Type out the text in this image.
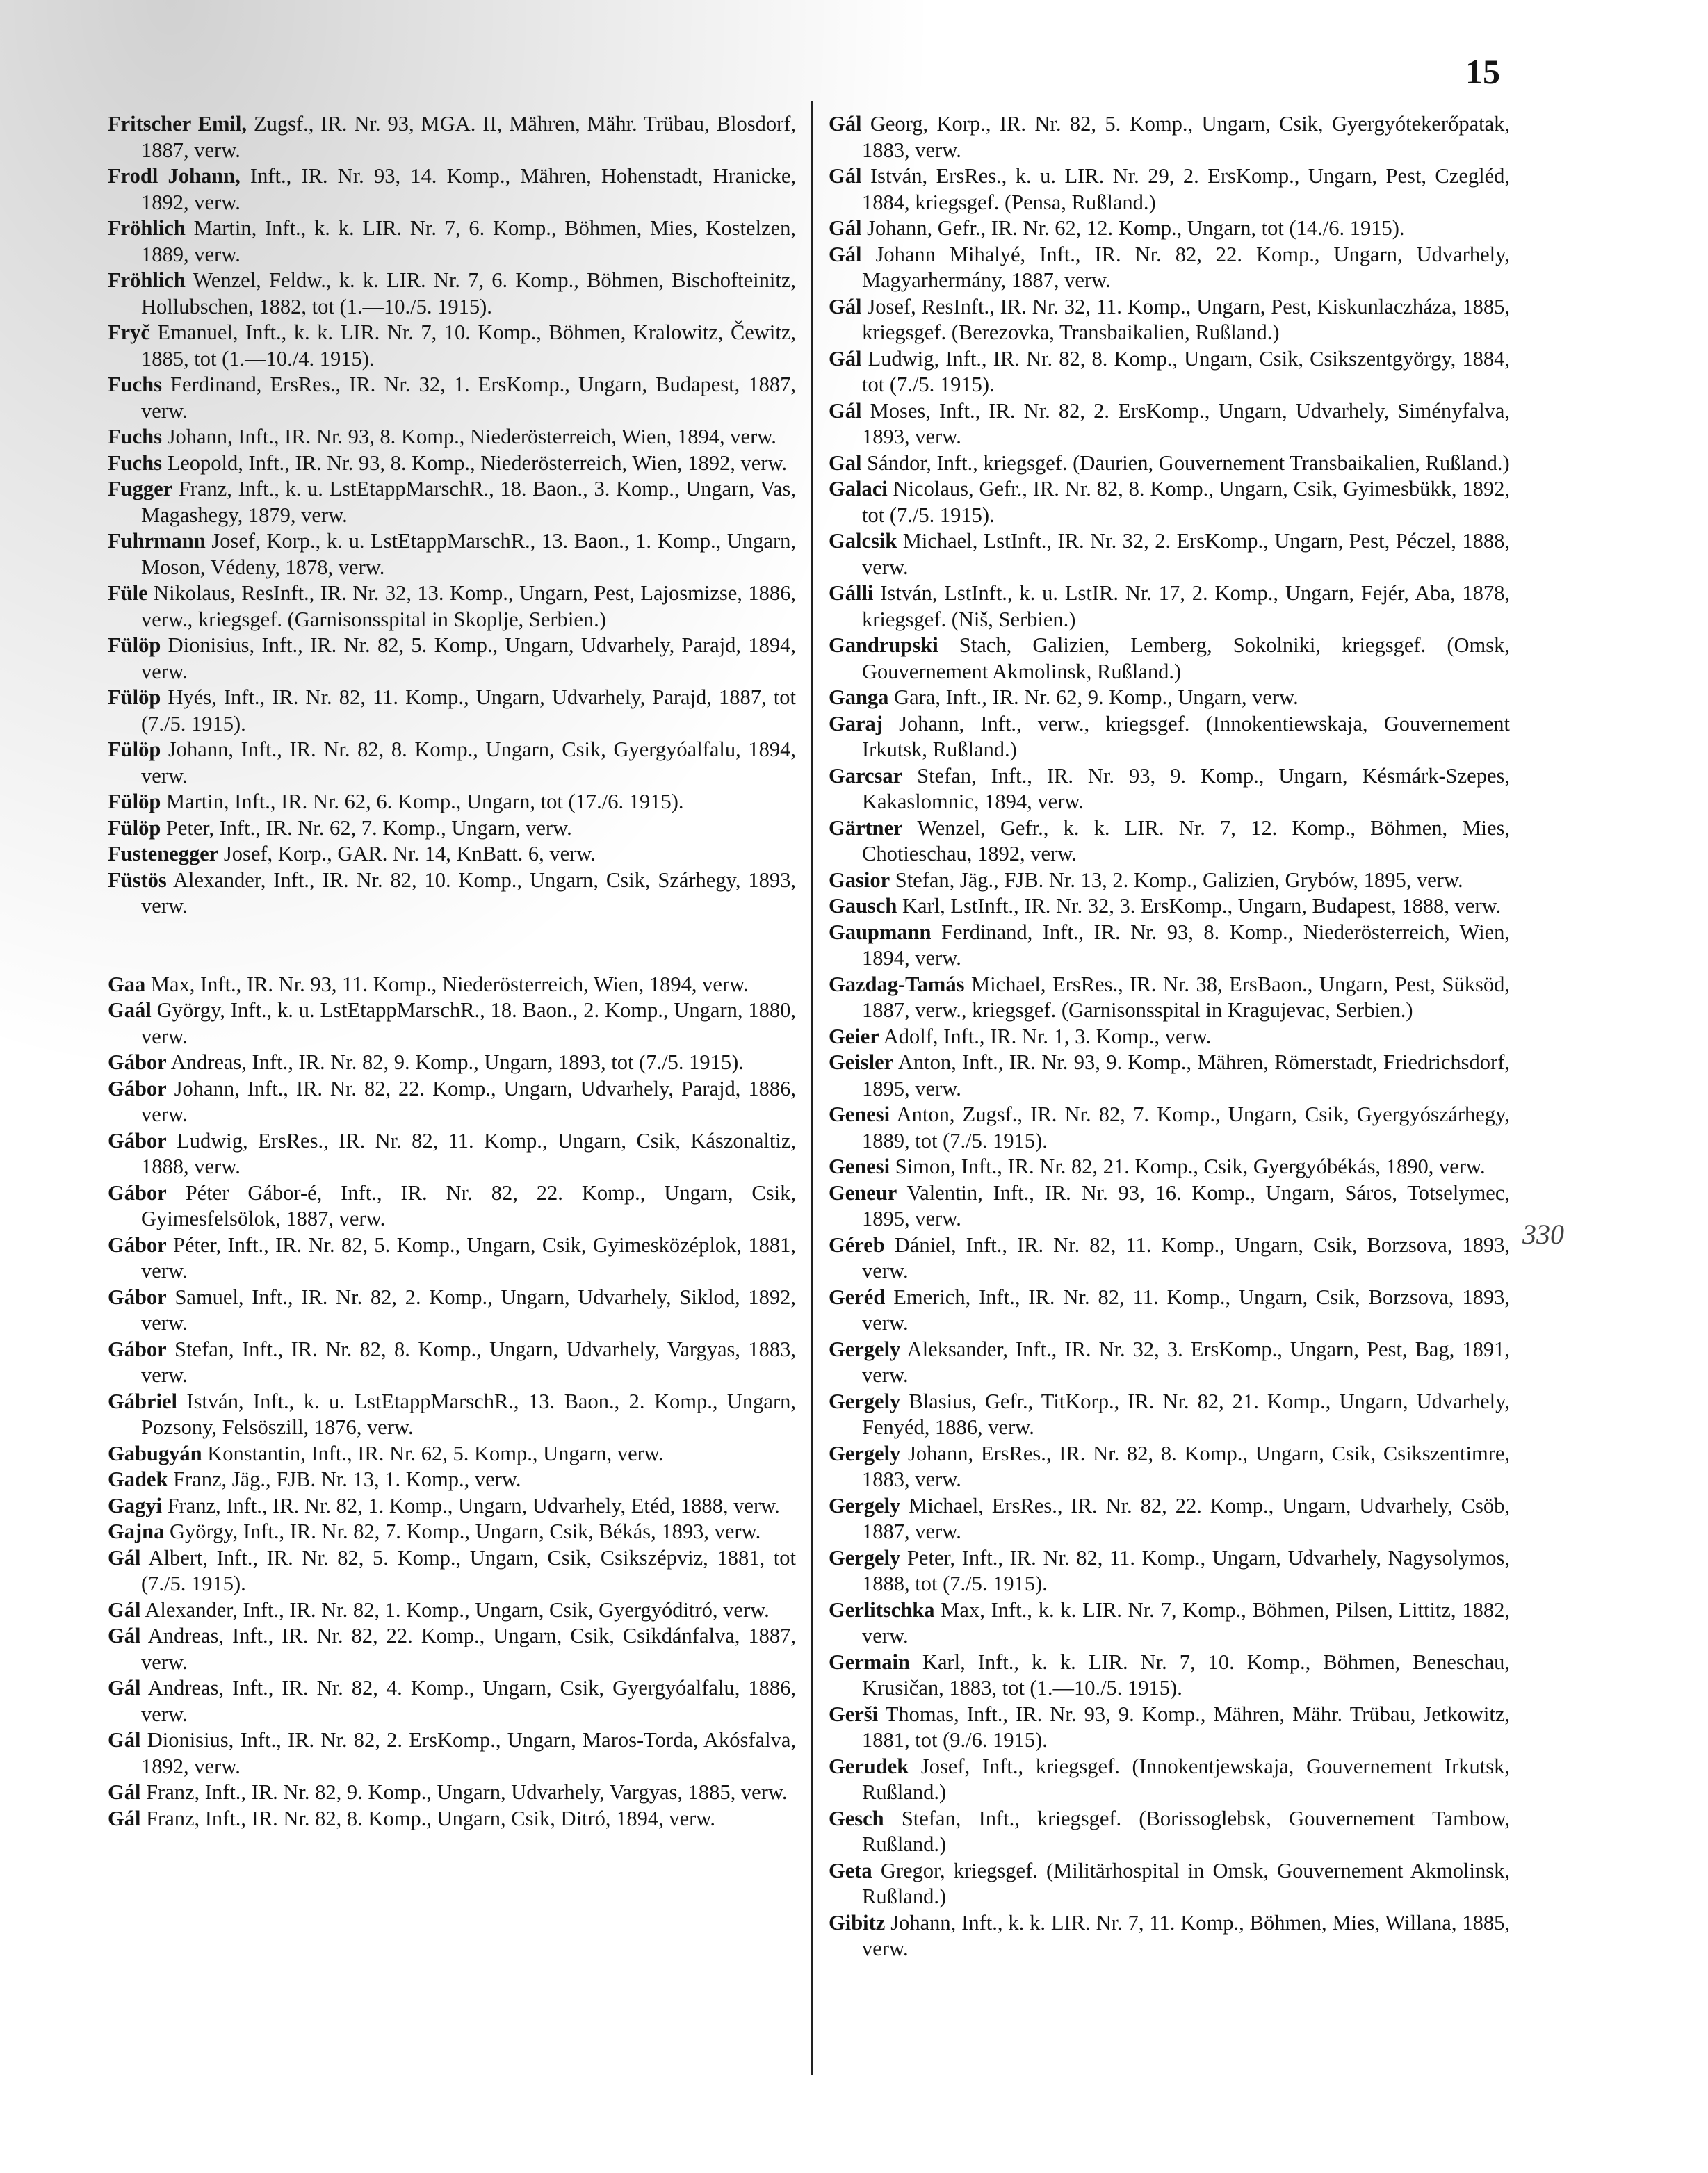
15

Fritscher Emil, Zugsf., IR. Nr. 93, MGA. II, Mähren, Mähr. Trübau, Blosdorf, 1887, verw.

Frodl Johann, Inft., IR. Nr. 93, 14. Komp., Mähren, Hohenstadt, Hranicke, 1892, verw.

Fröhlich Martin, Inft., k. k. LIR. Nr. 7, 6. Komp., Böhmen, Mies, Kostelzen, 1889, verw.

Fröhlich Wenzel, Feldw., k. k. LIR. Nr. 7, 6. Komp., Böhmen, Bischofteinitz, Hollubschen, 1882, tot (1.—10./5. 1915).

Fryč Emanuel, Inft., k. k. LIR. Nr. 7, 10. Komp., Böhmen, Kralowitz, Čewitz, 1885, tot (1.—10./4. 1915).

Fuchs Ferdinand, ErsRes., IR. Nr. 32, 1. ErsKomp., Ungarn, Budapest, 1887, verw.

Fuchs Johann, Inft., IR. Nr. 93, 8. Komp., Niederösterreich, Wien, 1894, verw.

Fuchs Leopold, Inft., IR. Nr. 93, 8. Komp., Niederösterreich, Wien, 1892, verw.

Fugger Franz, Inft., k. u. LstEtappMarschR., 18. Baon., 3. Komp., Ungarn, Vas, Magashegy, 1879, verw.

Fuhrmann Josef, Korp., k. u. LstEtappMarschR., 13. Baon., 1. Komp., Ungarn, Moson, Védeny, 1878, verw.

Füle Nikolaus, ResInft., IR. Nr. 32, 13. Komp., Ungarn, Pest, Lajosmizse, 1886, verw., kriegsgef. (Garnisonsspital in Skoplje, Serbien.)

Fülöp Dionisius, Inft., IR. Nr. 82, 5. Komp., Ungarn, Udvarhely, Parajd, 1894, verw.

Fülöp Hyés, Inft., IR. Nr. 82, 11. Komp., Ungarn, Udvarhely, Parajd, 1887, tot (7./5. 1915).

Fülöp Johann, Inft., IR. Nr. 82, 8. Komp., Ungarn, Csik, Gyergyóalfalu, 1894, verw.

Fülöp Martin, Inft., IR. Nr. 62, 6. Komp., Ungarn, tot (17./6. 1915).

Fülöp Peter, Inft., IR. Nr. 62, 7. Komp., Ungarn, verw.

Fustenegger Josef, Korp., GAR. Nr. 14, KnBatt. 6, verw.

Füstös Alexander, Inft., IR. Nr. 82, 10. Komp., Ungarn, Csik, Szárhegy, 1893, verw.

Gaa Max, Inft., IR. Nr. 93, 11. Komp., Niederösterreich, Wien, 1894, verw.

Gaál György, Inft., k. u. LstEtappMarschR., 18. Baon., 2. Komp., Ungarn, 1880, verw.

Gábor Andreas, Inft., IR. Nr. 82, 9. Komp., Ungarn, 1893, tot (7./5. 1915).

Gábor Johann, Inft., IR. Nr. 82, 22. Komp., Ungarn, Udvarhely, Parajd, 1886, verw.

Gábor Ludwig, ErsRes., IR. Nr. 82, 11. Komp., Ungarn, Csik, Kászonaltiz, 1888, verw.

Gábor Péter Gábor-é, Inft., IR. Nr. 82, 22. Komp., Ungarn, Csik, Gyimesfelsölok, 1887, verw.

Gábor Péter, Inft., IR. Nr. 82, 5. Komp., Ungarn, Csik, Gyimesközéplok, 1881, verw.

Gábor Samuel, Inft., IR. Nr. 82, 2. Komp., Ungarn, Udvarhely, Siklod, 1892, verw.

Gábor Stefan, Inft., IR. Nr. 82, 8. Komp., Ungarn, Udvarhely, Vargyas, 1883, verw.

Gábriel István, Inft., k. u. LstEtappMarschR., 13. Baon., 2. Komp., Ungarn, Pozsony, Felsöszill, 1876, verw.

Gabugyán Konstantin, Inft., IR. Nr. 62, 5. Komp., Ungarn, verw.

Gadek Franz, Jäg., FJB. Nr. 13, 1. Komp., verw.

Gagyi Franz, Inft., IR. Nr. 82, 1. Komp., Ungarn, Udvarhely, Etéd, 1888, verw.

Gajna György, Inft., IR. Nr. 82, 7. Komp., Ungarn, Csik, Békás, 1893, verw.

Gál Albert, Inft., IR. Nr. 82, 5. Komp., Ungarn, Csik, Csikszépviz, 1881, tot (7./5. 1915).

Gál Alexander, Inft., IR. Nr. 82, 1. Komp., Ungarn, Csik, Gyergyóditró, verw.

Gál Andreas, Inft., IR. Nr. 82, 22. Komp., Ungarn, Csik, Csikdánfalva, 1887, verw.

Gál Andreas, Inft., IR. Nr. 82, 4. Komp., Ungarn, Csik, Gyergyóalfalu, 1886, verw.

Gál Dionisius, Inft., IR. Nr. 82, 2. ErsKomp., Ungarn, Maros-Torda, Akósfalva, 1892, verw.

Gál Franz, Inft., IR. Nr. 82, 9. Komp., Ungarn, Udvarhely, Vargyas, 1885, verw.

Gál Franz, Inft., IR. Nr. 82, 8. Komp., Ungarn, Csik, Ditró, 1894, verw.

Gál Georg, Korp., IR. Nr. 82, 5. Komp., Ungarn, Csik, Gyergyótekerőpatak, 1883, verw.

Gál István, ErsRes., k. u. LIR. Nr. 29, 2. ErsKomp., Ungarn, Pest, Czegléd, 1884, kriegsgef. (Pensa, Rußland.)

Gál Johann, Gefr., IR. Nr. 62, 12. Komp., Ungarn, tot (14./6. 1915).

Gál Johann Mihalyé, Inft., IR. Nr. 82, 22. Komp., Ungarn, Udvarhely, Magyarhermány, 1887, verw.

Gál Josef, ResInft., IR. Nr. 32, 11. Komp., Ungarn, Pest, Kiskunlaczháza, 1885, kriegsgef. (Berezovka, Transbaikalien, Rußland.)

Gál Ludwig, Inft., IR. Nr. 82, 8. Komp., Ungarn, Csik, Csikszentgyörgy, 1884, tot (7./5. 1915).

Gál Moses, Inft., IR. Nr. 82, 2. ErsKomp., Ungarn, Udvarhely, Siményfalva, 1893, verw.

Gal Sándor, Inft., kriegsgef. (Daurien, Gouvernement Transbaikalien, Rußland.)

Galaci Nicolaus, Gefr., IR. Nr. 82, 8. Komp., Ungarn, Csik, Gyimesbükk, 1892, tot (7./5. 1915).

Galcsik Michael, LstInft., IR. Nr. 32, 2. ErsKomp., Ungarn, Pest, Péczel, 1888, verw.

Gálli István, LstInft., k. u. LstIR. Nr. 17, 2. Komp., Ungarn, Fejér, Aba, 1878, kriegsgef. (Niš, Serbien.)

Gandrupski Stach, Galizien, Lemberg, Sokolniki, kriegsgef. (Omsk, Gouvernement Akmolinsk, Rußland.)

Ganga Gara, Inft., IR. Nr. 62, 9. Komp., Ungarn, verw.

Garaj Johann, Inft., verw., kriegsgef. (Innokentiewskaja, Gouvernement Irkutsk, Rußland.)

Garcsar Stefan, Inft., IR. Nr. 93, 9. Komp., Ungarn, Késmárk-Szepes, Kakaslomnic, 1894, verw.

Gärtner Wenzel, Gefr., k. k. LIR. Nr. 7, 12. Komp., Böhmen, Mies, Chotieschau, 1892, verw.

Gasior Stefan, Jäg., FJB. Nr. 13, 2. Komp., Galizien, Grybów, 1895, verw.

Gausch Karl, LstInft., IR. Nr. 32, 3. ErsKomp., Ungarn, Budapest, 1888, verw.

Gaupmann Ferdinand, Inft., IR. Nr. 93, 8. Komp., Niederösterreich, Wien, 1894, verw.

Gazdag-Tamás Michael, ErsRes., IR. Nr. 38, ErsBaon., Ungarn, Pest, Süksöd, 1887, verw., kriegsgef. (Garnisonsspital in Kragujevac, Serbien.)

Geier Adolf, Inft., IR. Nr. 1, 3. Komp., verw.

Geisler Anton, Inft., IR. Nr. 93, 9. Komp., Mähren, Römerstadt, Friedrichsdorf, 1895, verw.

Genesi Anton, Zugsf., IR. Nr. 82, 7. Komp., Ungarn, Csik, Gyergyószárhegy, 1889, tot (7./5. 1915).

Genesi Simon, Inft., IR. Nr. 82, 21. Komp., Csik, Gyergyóbékás, 1890, verw.

Geneur Valentin, Inft., IR. Nr. 93, 16. Komp., Ungarn, Sáros, Totselymec, 1895, verw.

Géreb Dániel, Inft., IR. Nr. 82, 11. Komp., Ungarn, Csik, Borzsova, 1893, verw.

Geréd Emerich, Inft., IR. Nr. 82, 11. Komp., Ungarn, Csik, Borzsova, 1893, verw.

Gergely Aleksander, Inft., IR. Nr. 32, 3. ErsKomp., Ungarn, Pest, Bag, 1891, verw.

Gergely Blasius, Gefr., TitKorp., IR. Nr. 82, 21. Komp., Ungarn, Udvarhely, Fenyéd, 1886, verw.

Gergely Johann, ErsRes., IR. Nr. 82, 8. Komp., Ungarn, Csik, Csikszentimre, 1883, verw.

Gergely Michael, ErsRes., IR. Nr. 82, 22. Komp., Ungarn, Udvarhely, Csöb, 1887, verw.

Gergely Peter, Inft., IR. Nr. 82, 11. Komp., Ungarn, Udvarhely, Nagysolymos, 1888, tot (7./5. 1915).

Gerlitschka Max, Inft., k. k. LIR. Nr. 7, Komp., Böhmen, Pilsen, Littitz, 1882, verw.

Germain Karl, Inft., k. k. LIR. Nr. 7, 10. Komp., Böhmen, Beneschau, Krusičan, 1883, tot (1.—10./5. 1915).

Gerši Thomas, Inft., IR. Nr. 93, 9. Komp., Mähren, Mähr. Trübau, Jetkowitz, 1881, tot (9./6. 1915).

Gerudek Josef, Inft., kriegsgef. (Innokentjewskaja, Gouvernement Irkutsk, Rußland.)

Gesch Stefan, Inft., kriegsgef. (Borissoglebsk, Gouvernement Tambow, Rußland.)

Geta Gregor, kriegsgef. (Militärhospital in Omsk, Gouvernement Akmolinsk, Rußland.)

Gibitz Johann, Inft., k. k. LIR. Nr. 7, 11. Komp., Böhmen, Mies, Willana, 1885, verw.

330
